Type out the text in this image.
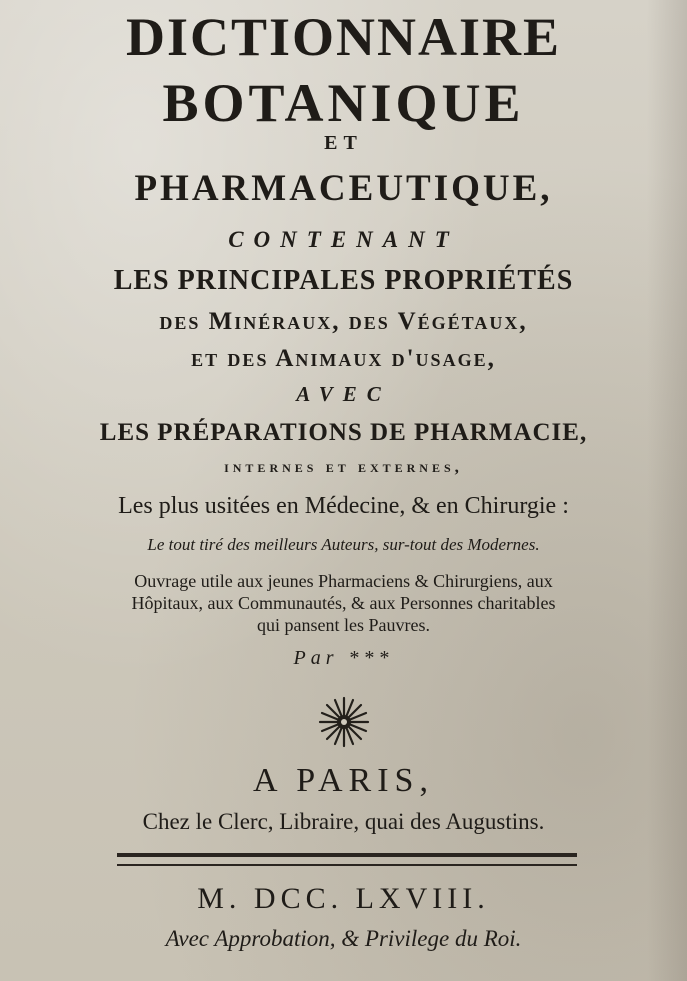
DICTIONNAIRE
BOTANIQUE
ET
PHARMACEUTIQUE,
CONTENANT
LES PRINCIPALES PROPRIÉTÉS
des Minéraux, des Végétaux,
et des Animaux d'usage,
AVEC
LES PRÉPARATIONS DE PHARMACIE,
internes et externes,
Les plus usitées en Médecine, & en Chirurgie :
Le tout tiré des meilleurs Auteurs, sur-tout des Modernes.
Ouvrage utile aux jeunes Pharmaciens & Chirurgiens, aux
Hôpitaux, aux Communautés, & aux Personnes charitables
qui pansent les Pauvres.
Par ***
A PARIS,
Chez le Clerc, Libraire, quai des Augustins.
M. DCC. LXVIII.
Avec Approbation, & Privilege du Roi.
